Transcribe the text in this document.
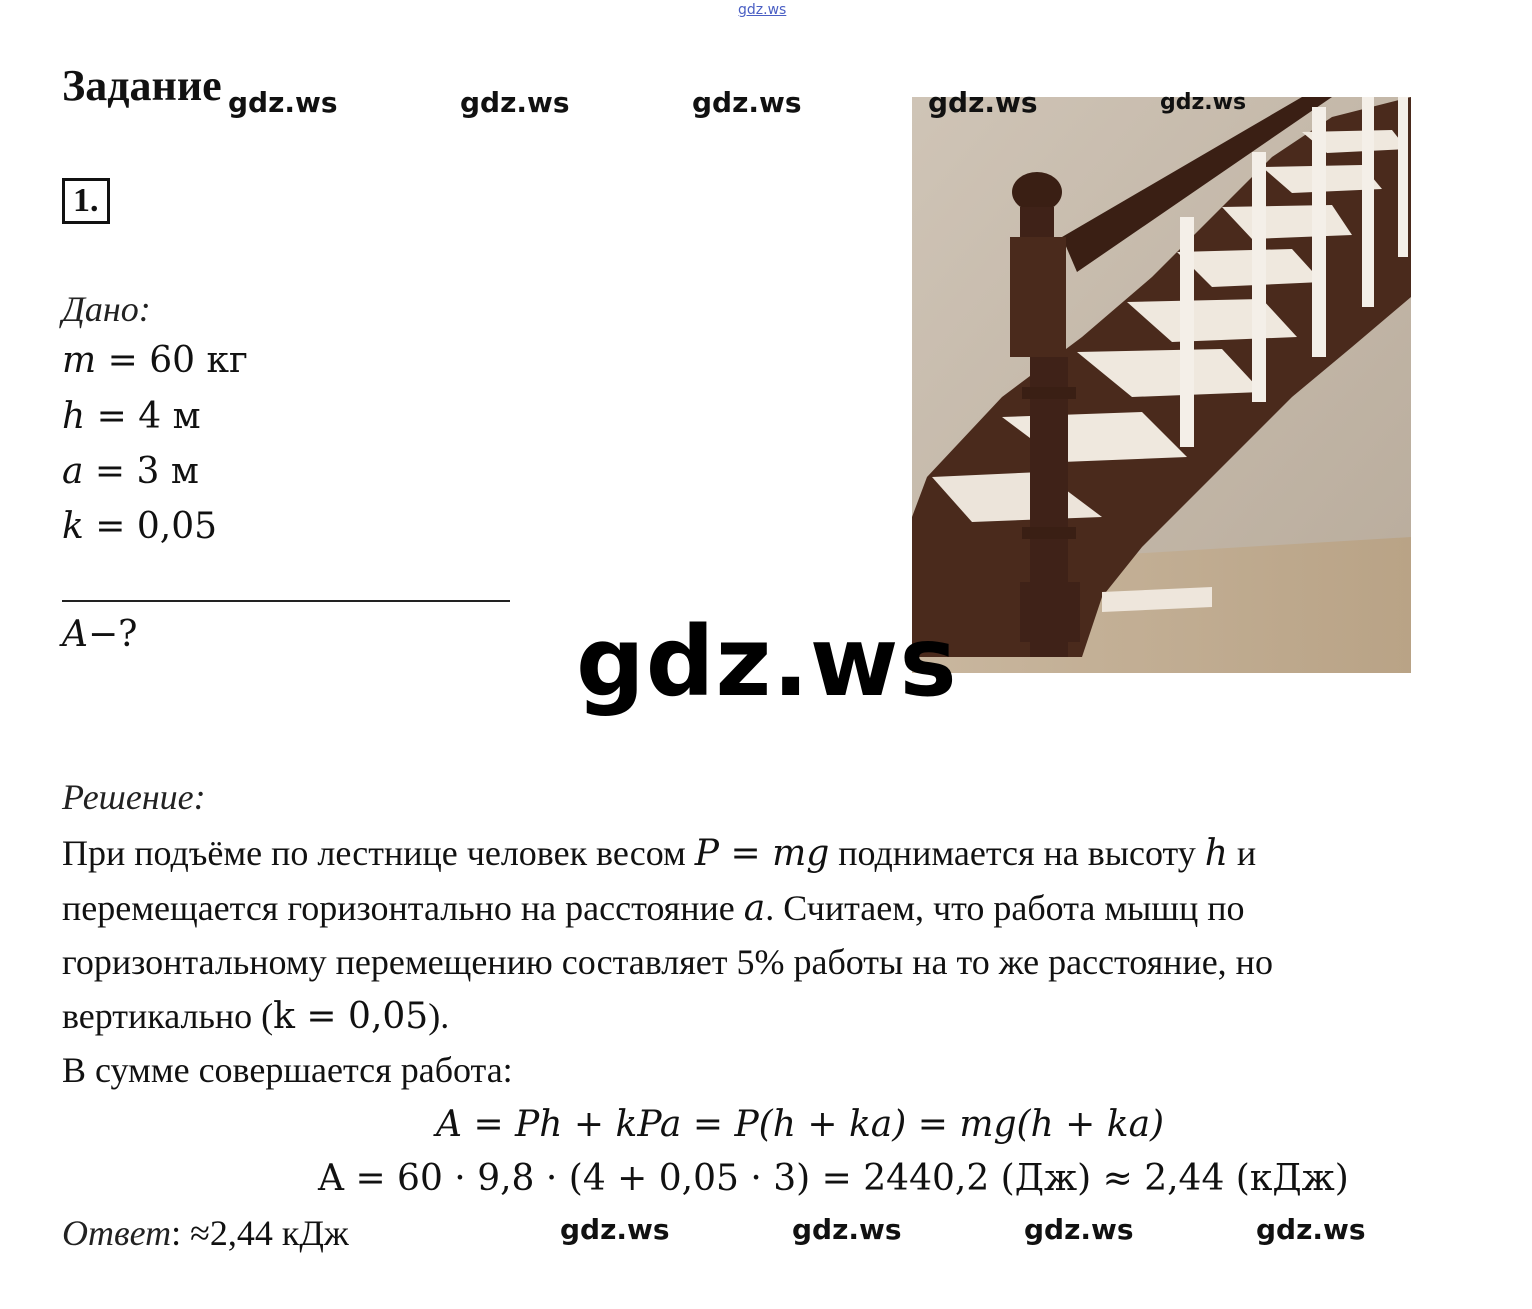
gdz.ws
Задание gdz.ws	gdz.ws	gdz.ws	gdz.ws	gdz.ws
1.
Дано:
m = 60 кг
h = 4 м
a = 3 м
k = 0,05
A−?	gdz.ws
Решение:
При подъёме по лестнице человек весом P = mg поднимается на высоту h и
перемещается горизонтально на расстояние a. Считаем, что работа мышц по
горизонтальному перемещению составляет 5% работы на то же расстояние, но
вертикально (k = 0,05).
В сумме совершается работа:
A = Ph + kPa = P(h + ka) = mg(h + ka)
A = 60 · 9,8 · (4 + 0,05 · 3) = 2440,2 (Дж) ≈ 2,44 (кДж)
Ответ: ≈2,44 кДж	gdz.ws	gdz.ws	gdz.ws	gdz.ws
